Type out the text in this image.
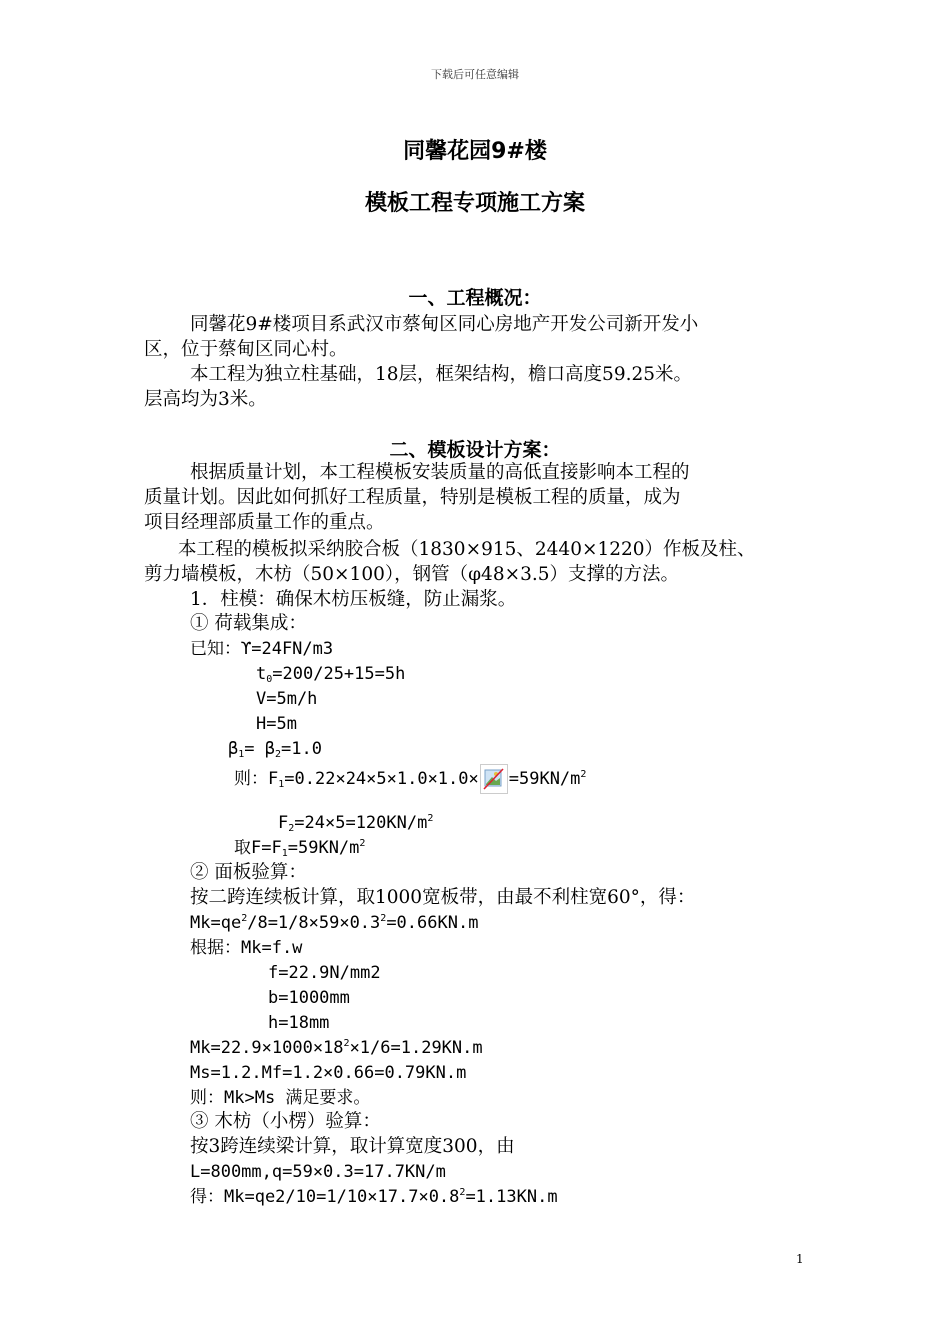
下载后可任意编辑
同馨花园9#楼
模板工程专项施工方案
一、工程概况：
同馨花9#楼项目系武汉市蔡甸区同心房地产开发公司新开发小
区，位于蔡甸区同心村。
本工程为独立柱基础，18层，框架结构，檐口高度59.25米。
层高均为3米。
二、模板设计方案：
根据质量计划，本工程模板安装质量的高低直接影响本工程的
质量计划。因此如何抓好工程质量，特别是模板工程的质量，成为
项目经理部质量工作的重点。
本工程的模板拟采纳胶合板（1830×915、2440×1220）作板及柱、
剪力墙模板，木枋（50×100），钢管（φ48×3.5）支撑的方法。
1．柱模：确保木枋压板缝，防止漏浆。
① 荷载集成：
已知：ϒ=24FN/m3
$t_0=200/25+15=5h$
V=5m/h
H=5m
$\beta_1= \beta_2=1.0$
则：$F_1=0.22\times 24\times 5\times 1.0\times 1.0\times =59KN/m^2$
$F_2=24\times 5=120KN/m^2$
取$F=F_1=59KN/m^2$
② 面板验算：
按二跨连续板计算，取1000宽板带，由最不利柱宽60°，得：
$Mk=qe^2/8=1/8\times 59\times 0.3^2=0.66KN.m$
根据：Mk=f.w
f=22.9N/mm2
b=1000mm
h=18mm
$Mk=22.9\times 1000\times 18^2\times 1/6=1.29KN.m$
Ms=1.2.Mf=1.2×0.66=0.79KN.m
则：Mk>Ms 满足要求。
③ 木枋（小楞）验算：
按3跨连续梁计算，取计算宽度300，由
L=800mm,q=59×0.3=17.7KN/m
得：$Mk=qe2/10=1/10\times 17.7\times 0.8^2=1.13KN.m$
1
